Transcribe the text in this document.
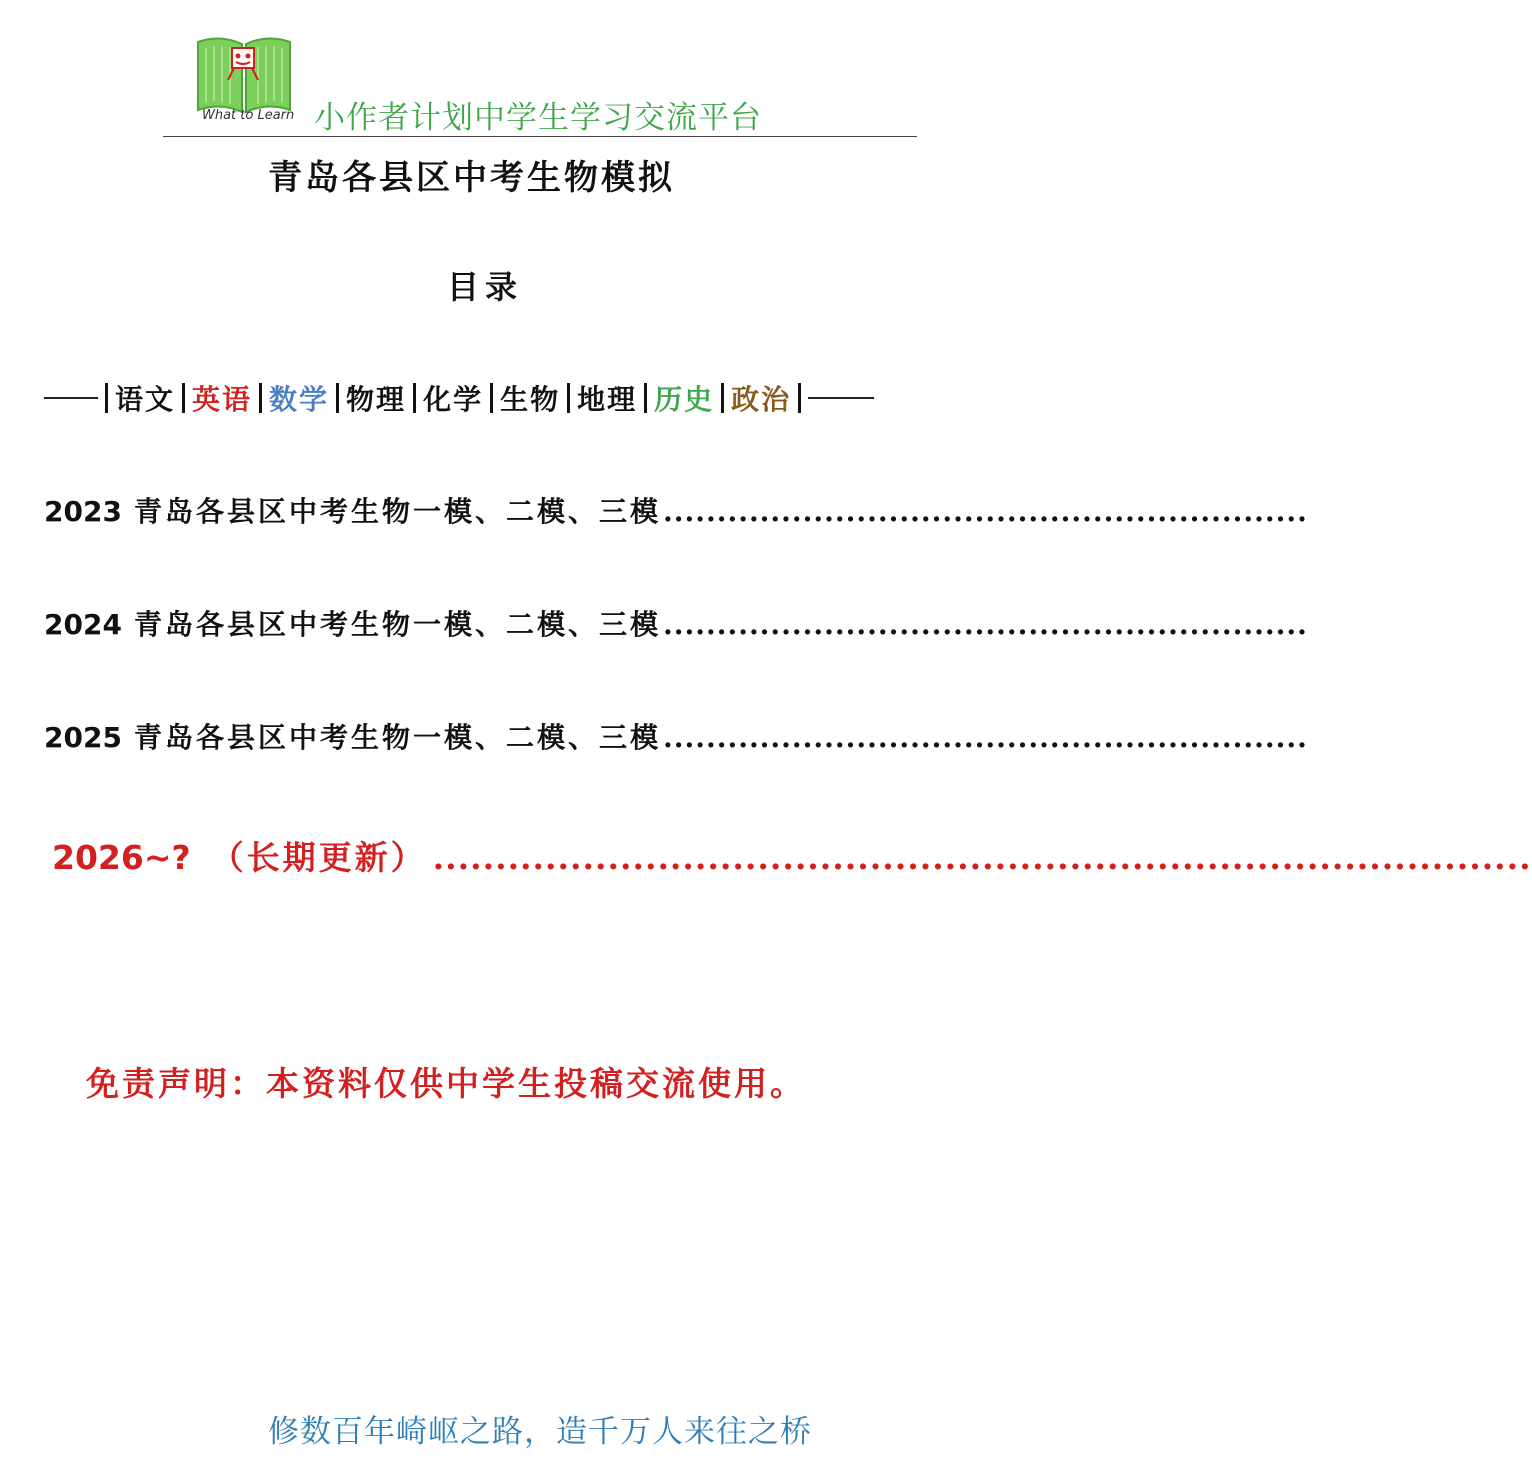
What to Learn 小作者计划中学生学习交流平台
青岛各县区中考生物模拟
目录
语文 英语 数学 物理 化学 生物 地理 历史 政治
2023 青岛各县区中考生物一模、二模、三模 ............................................................
2024 青岛各县区中考生物一模、二模、三模 ............................................................
2025 青岛各县区中考生物一模、二模、三模 ............................................................
2026~? （长期更新） ........................................................................................
免责声明：本资料仅供中学生投稿交流使用。
修数百年崎岖之路，造千万人来往之桥
